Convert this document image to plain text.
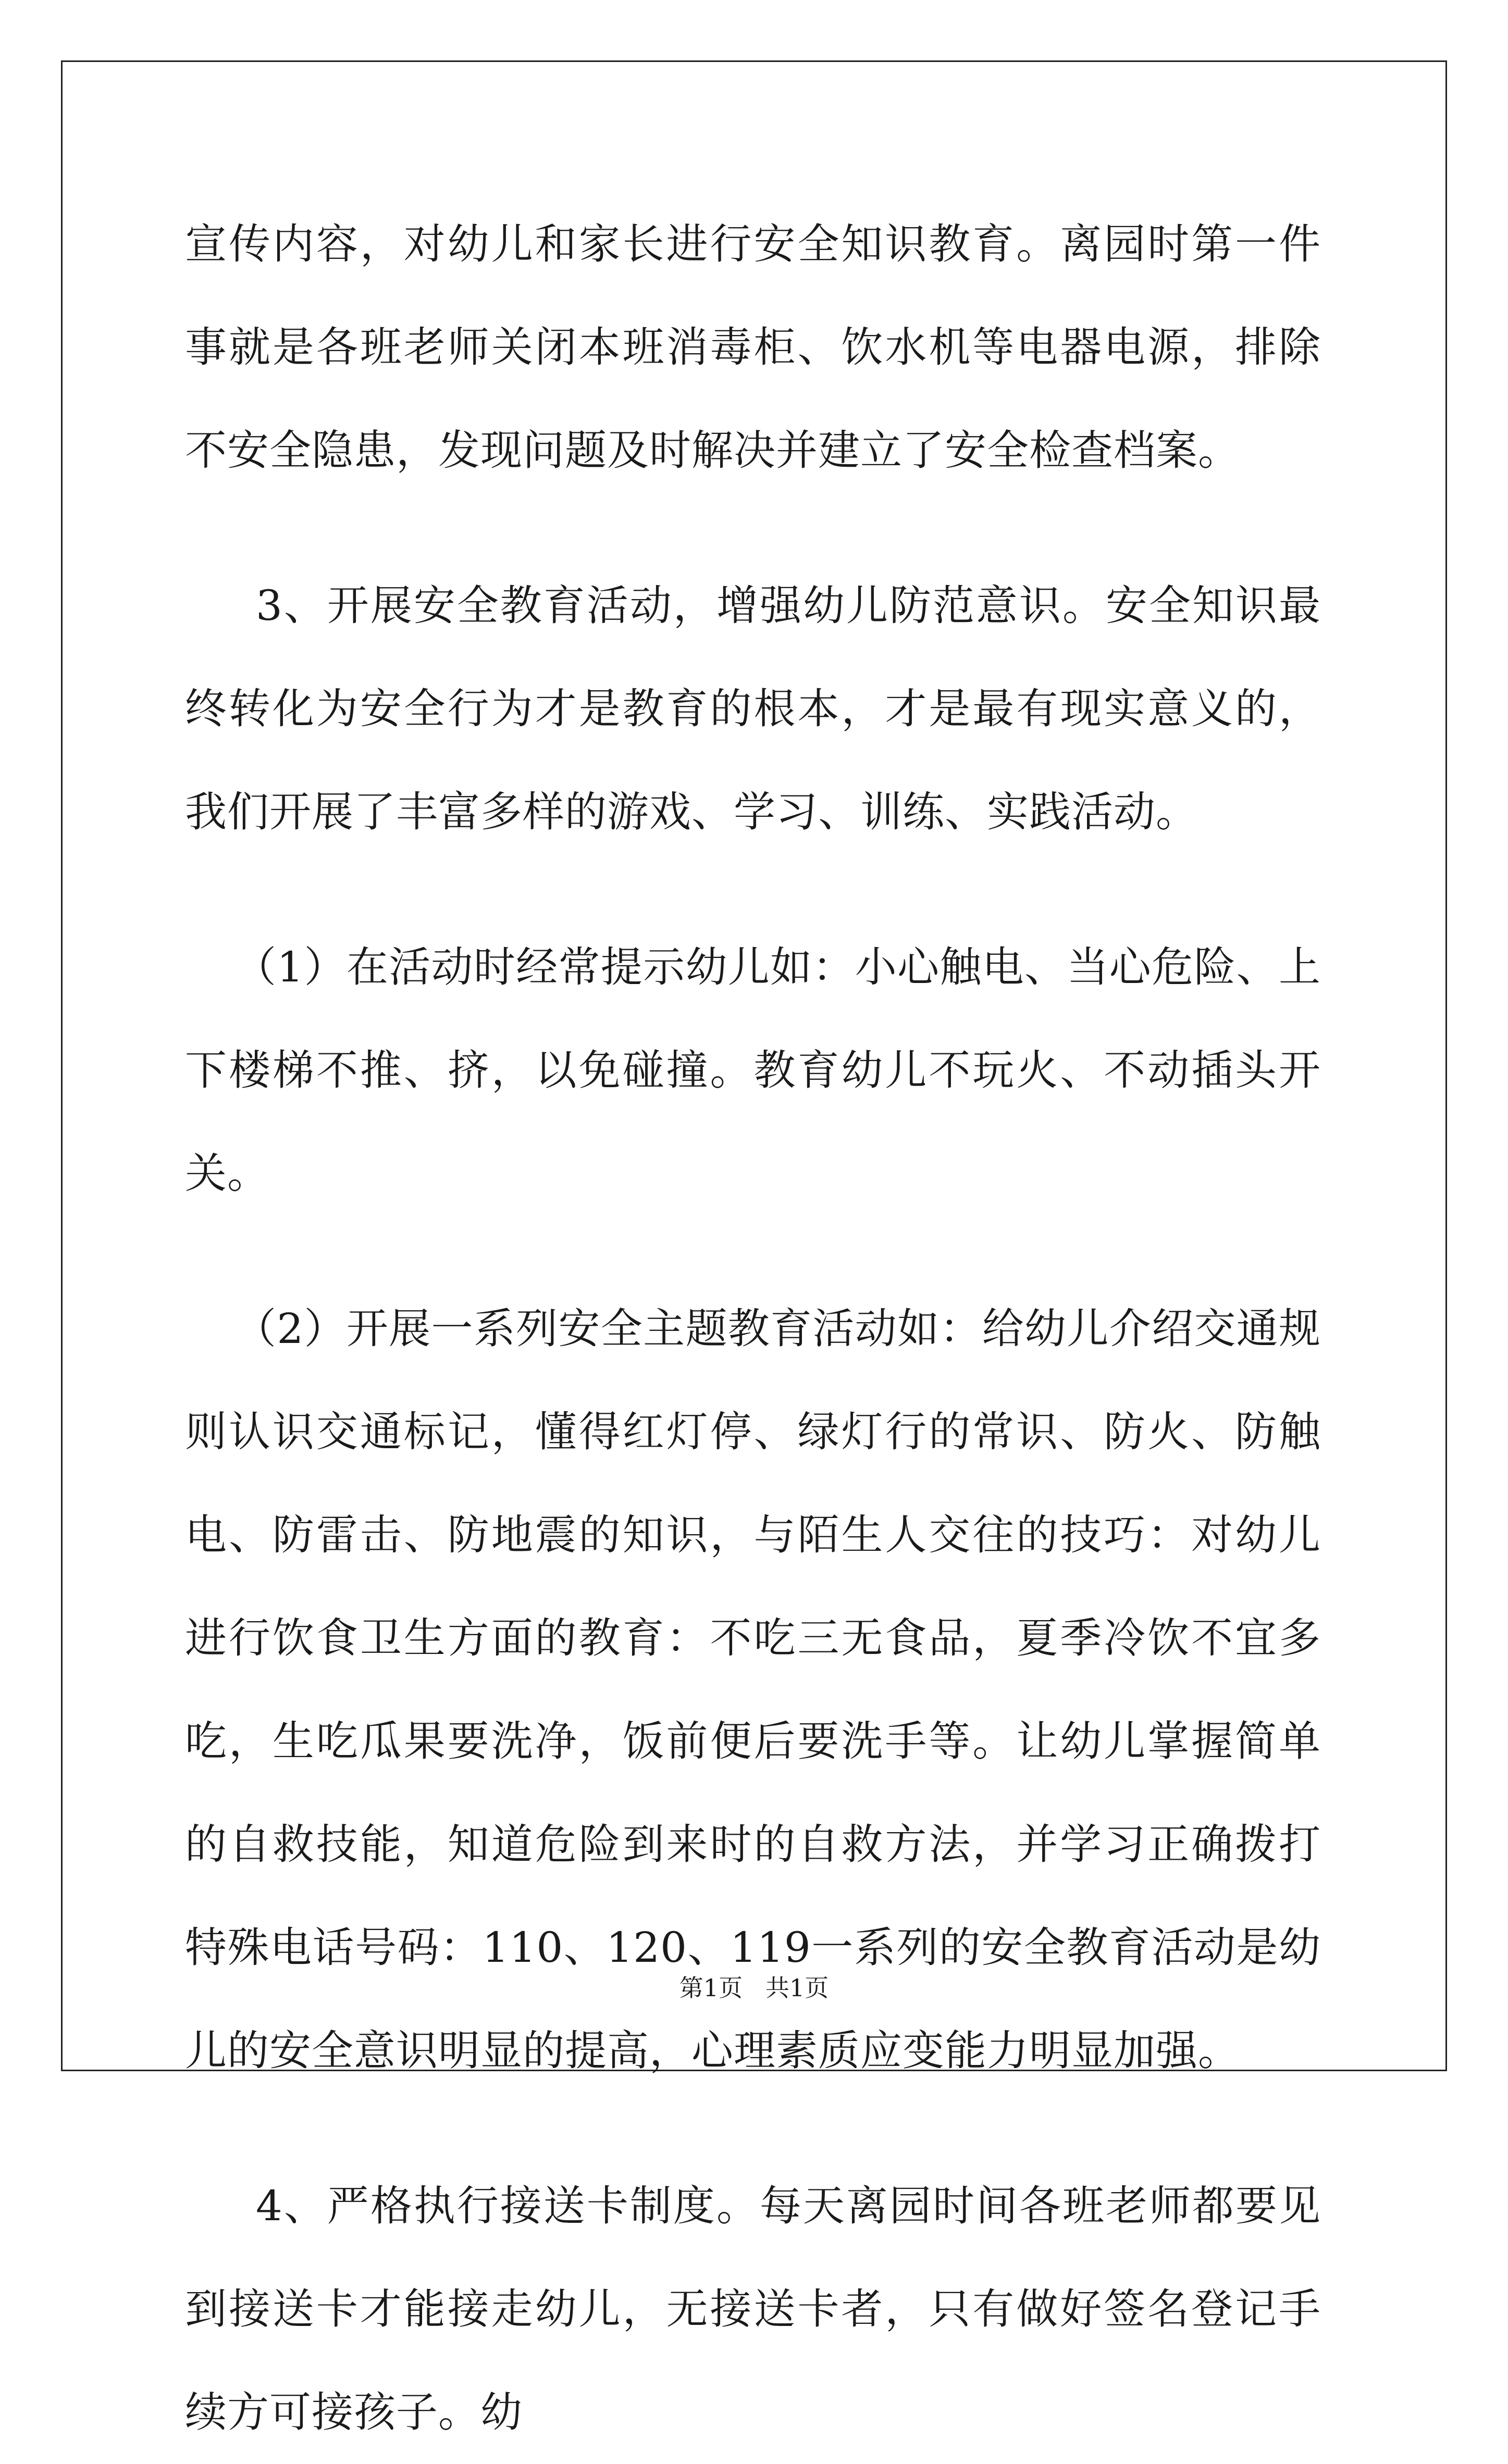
宣传内容，对幼儿和家长进行安全知识教育。离园时第一件事就是各班老师关闭本班消毒柜、饮水机等电器电源，排除不安全隐患，发现问题及时解决并建立了安全检查档案。

3、开展安全教育活动，增强幼儿防范意识。安全知识最终转化为安全行为才是教育的根本，才是最有现实意义的，我们开展了丰富多样的游戏、学习、训练、实践活动。

（1）在活动时经常提示幼儿如：小心触电、当心危险、上下楼梯不推、挤，以免碰撞。教育幼儿不玩火、不动插头开关。

（2）开展一系列安全主题教育活动如：给幼儿介绍交通规则认识交通标记，懂得红灯停、绿灯行的常识、防火、防触电、防雷击、防地震的知识，与陌生人交往的技巧：对幼儿进行饮食卫生方面的教育：不吃三无食品，夏季冷饮不宜多吃，生吃瓜果要洗净，饭前便后要洗手等。让幼儿掌握简单的自救技能，知道危险到来时的自救方法，并学习正确拨打特殊电话号码：110、120、119一系列的安全教育活动是幼儿的安全意识明显的提高，心理素质应变能力明显加强。

4、严格执行接送卡制度。每天离园时间各班老师都要见到接送卡才能接走幼儿，无接送卡者，只有做好签名登记手续方可接孩子。幼

第1页   共1页
